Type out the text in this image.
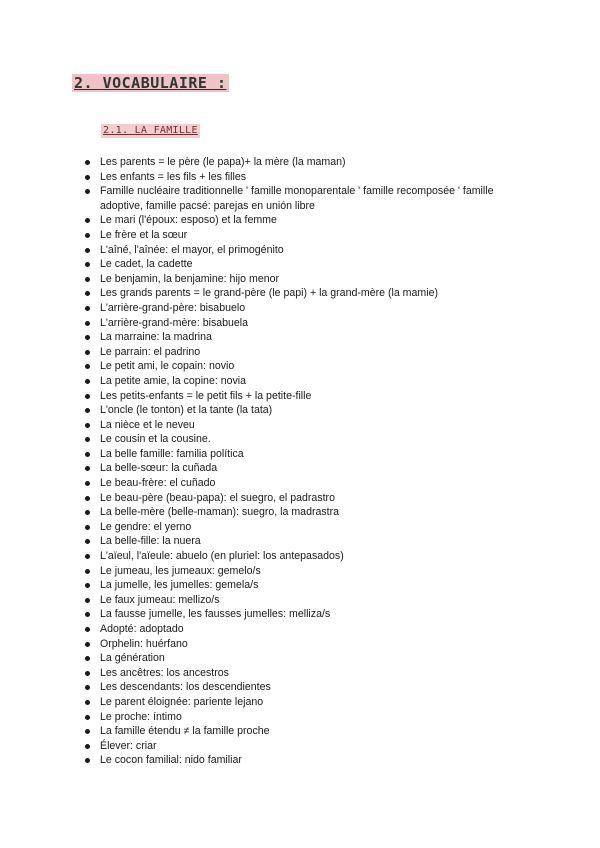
2. VOCABULAIRE :
2.1. LA FAMILLE
Les parents = le père (le papa)+ la mère (la maman)
Les enfants = les fils + les filles
Famille nucléaire traditionnelle ' famille monoparentale ' famille recomposée ' famille adoptive, famille pacsé: parejas en unión libre
Le mari (l'époux: esposo) et la femme
Le frère et la sœur
L'aîné, l'aînée: el mayor, el primogénito
Le cadet, la cadette
Le benjamin, la benjamine: hijo menor
Les grands parents = le grand-père (le papi) + la grand-mère (la mamie)
L'arrière-grand-père: bisabuelo
L'arrière-grand-mère: bisabuela
La marraine: la madrina
Le parrain: el padrino
Le petit ami, le copain: novio
La petite amie, la copine: novia
Les petits-enfants = le petit fils + la petite-fille
L'oncle (le tonton) et la tante (la tata)
La nièce et le neveu
Le cousin et la cousine.
La belle famille: familia política
La belle-sœur: la cuñada
Le beau-frère: el cuñado
Le beau-père (beau-papa): el suegro, el padrastro
La belle-mère (belle-maman): suegro, la madrastra
Le gendre: el yerno
La belle-fille: la nuera
L'aïeul, l'aïeule: abuelo (en pluriel: los antepasados)
Le jumeau, les jumeaux: gemelo/s
La jumelle, les jumelles: gemela/s
Le faux jumeau: mellizo/s
La fausse jumelle, les fausses jumelles: melliza/s
Adopté: adoptado
Orphelin: huérfano
La génération
Les ancêtres: los ancestros
Les descendants: los descendientes
Le parent éloignée: pariente lejano
Le proche: íntimo
La famille étendu ≠ la famille proche
Élever: criar
Le cocon familial: nido familiar
